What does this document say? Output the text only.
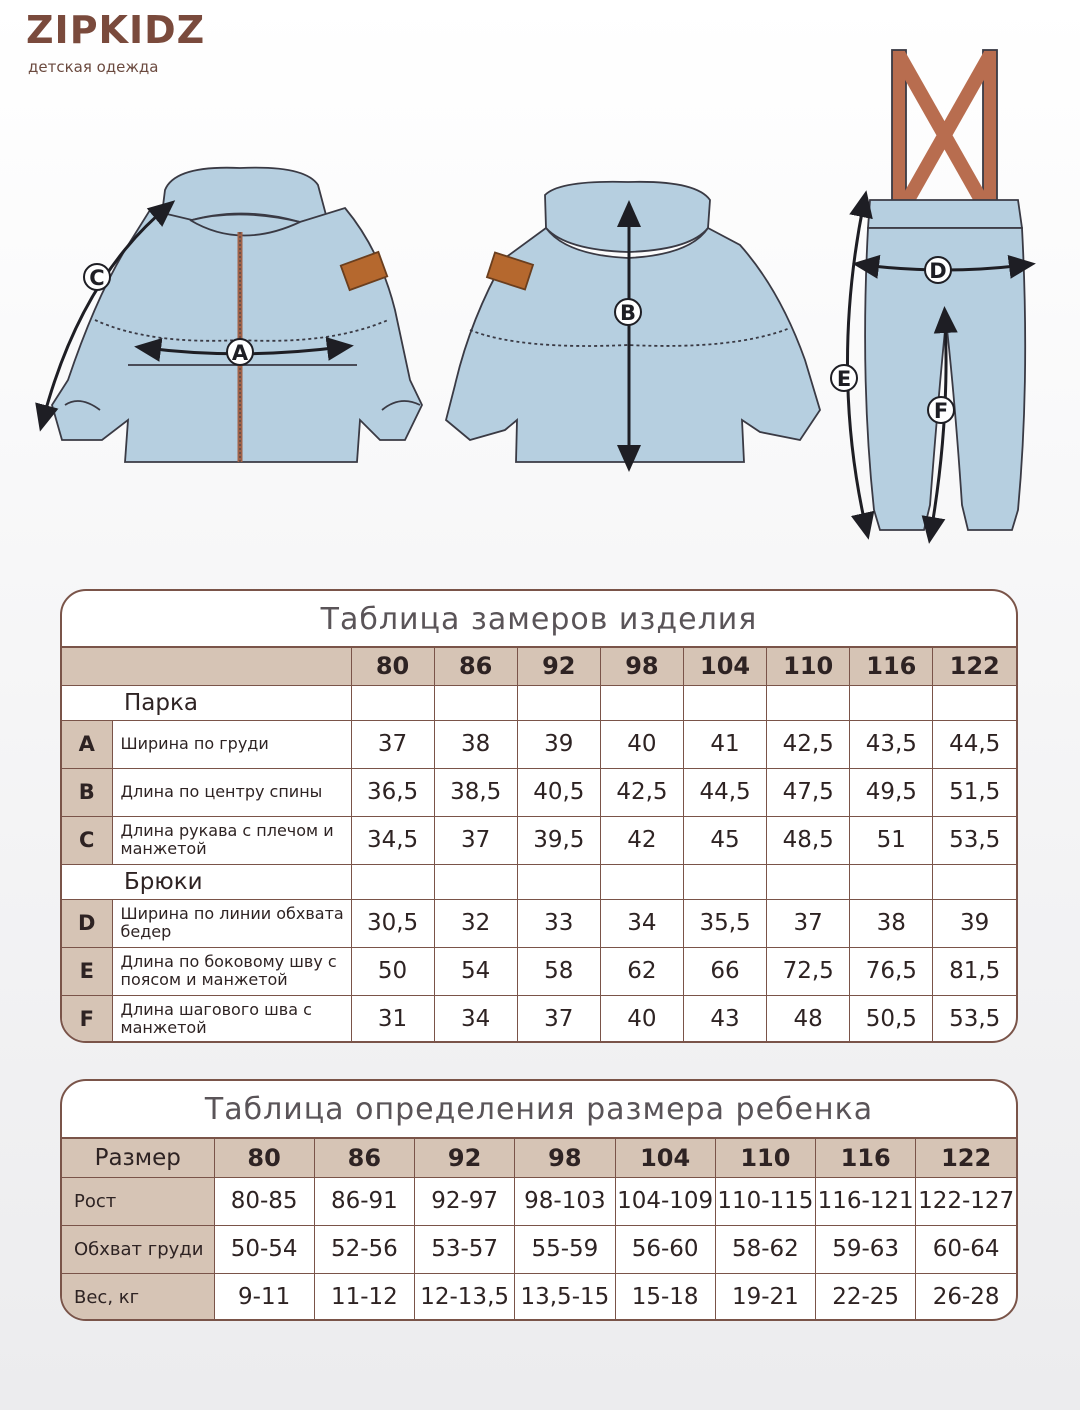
ZIPKIDZ
детская одежда
A
B
C	D
E
F
Таблица замеров изделия
		80	86	92	98	104	110	116	122
Парка									
A	Ширина по груди	37	38	39	40	41	42,5	43,5	44,5
B	Длина по центру спины	36,5	38,5	40,5	42,5	44,5	47,5	49,5	51,5
C	Длина рукава с плечом и манжетой	34,5	37	39,5	42	45	48,5	51	53,5
Брюки									
D	Ширина по линии обхвата бедер	30,5	32	33	34	35,5	37	38	39
E	Длина по боковому шву с поясом и манжетой	50	54	58	62	66	72,5	76,5	81,5
F	Длина шагового шва с манжетой	31	34	37	40	43	48	50,5	53,5
Таблица определения размера ребенка
Размер	80	86	92	98	104	110	116	122
Рост	80-85	86-91	92-97	98-103	104-109	110-115	116-121	122-127
Обхват груди	50-54	52-56	53-57	55-59	56-60	58-62	59-63	60-64
Вес, кг	9-11	11-12	12-13,5	13,5-15	15-18	19-21	22-25	26-28
